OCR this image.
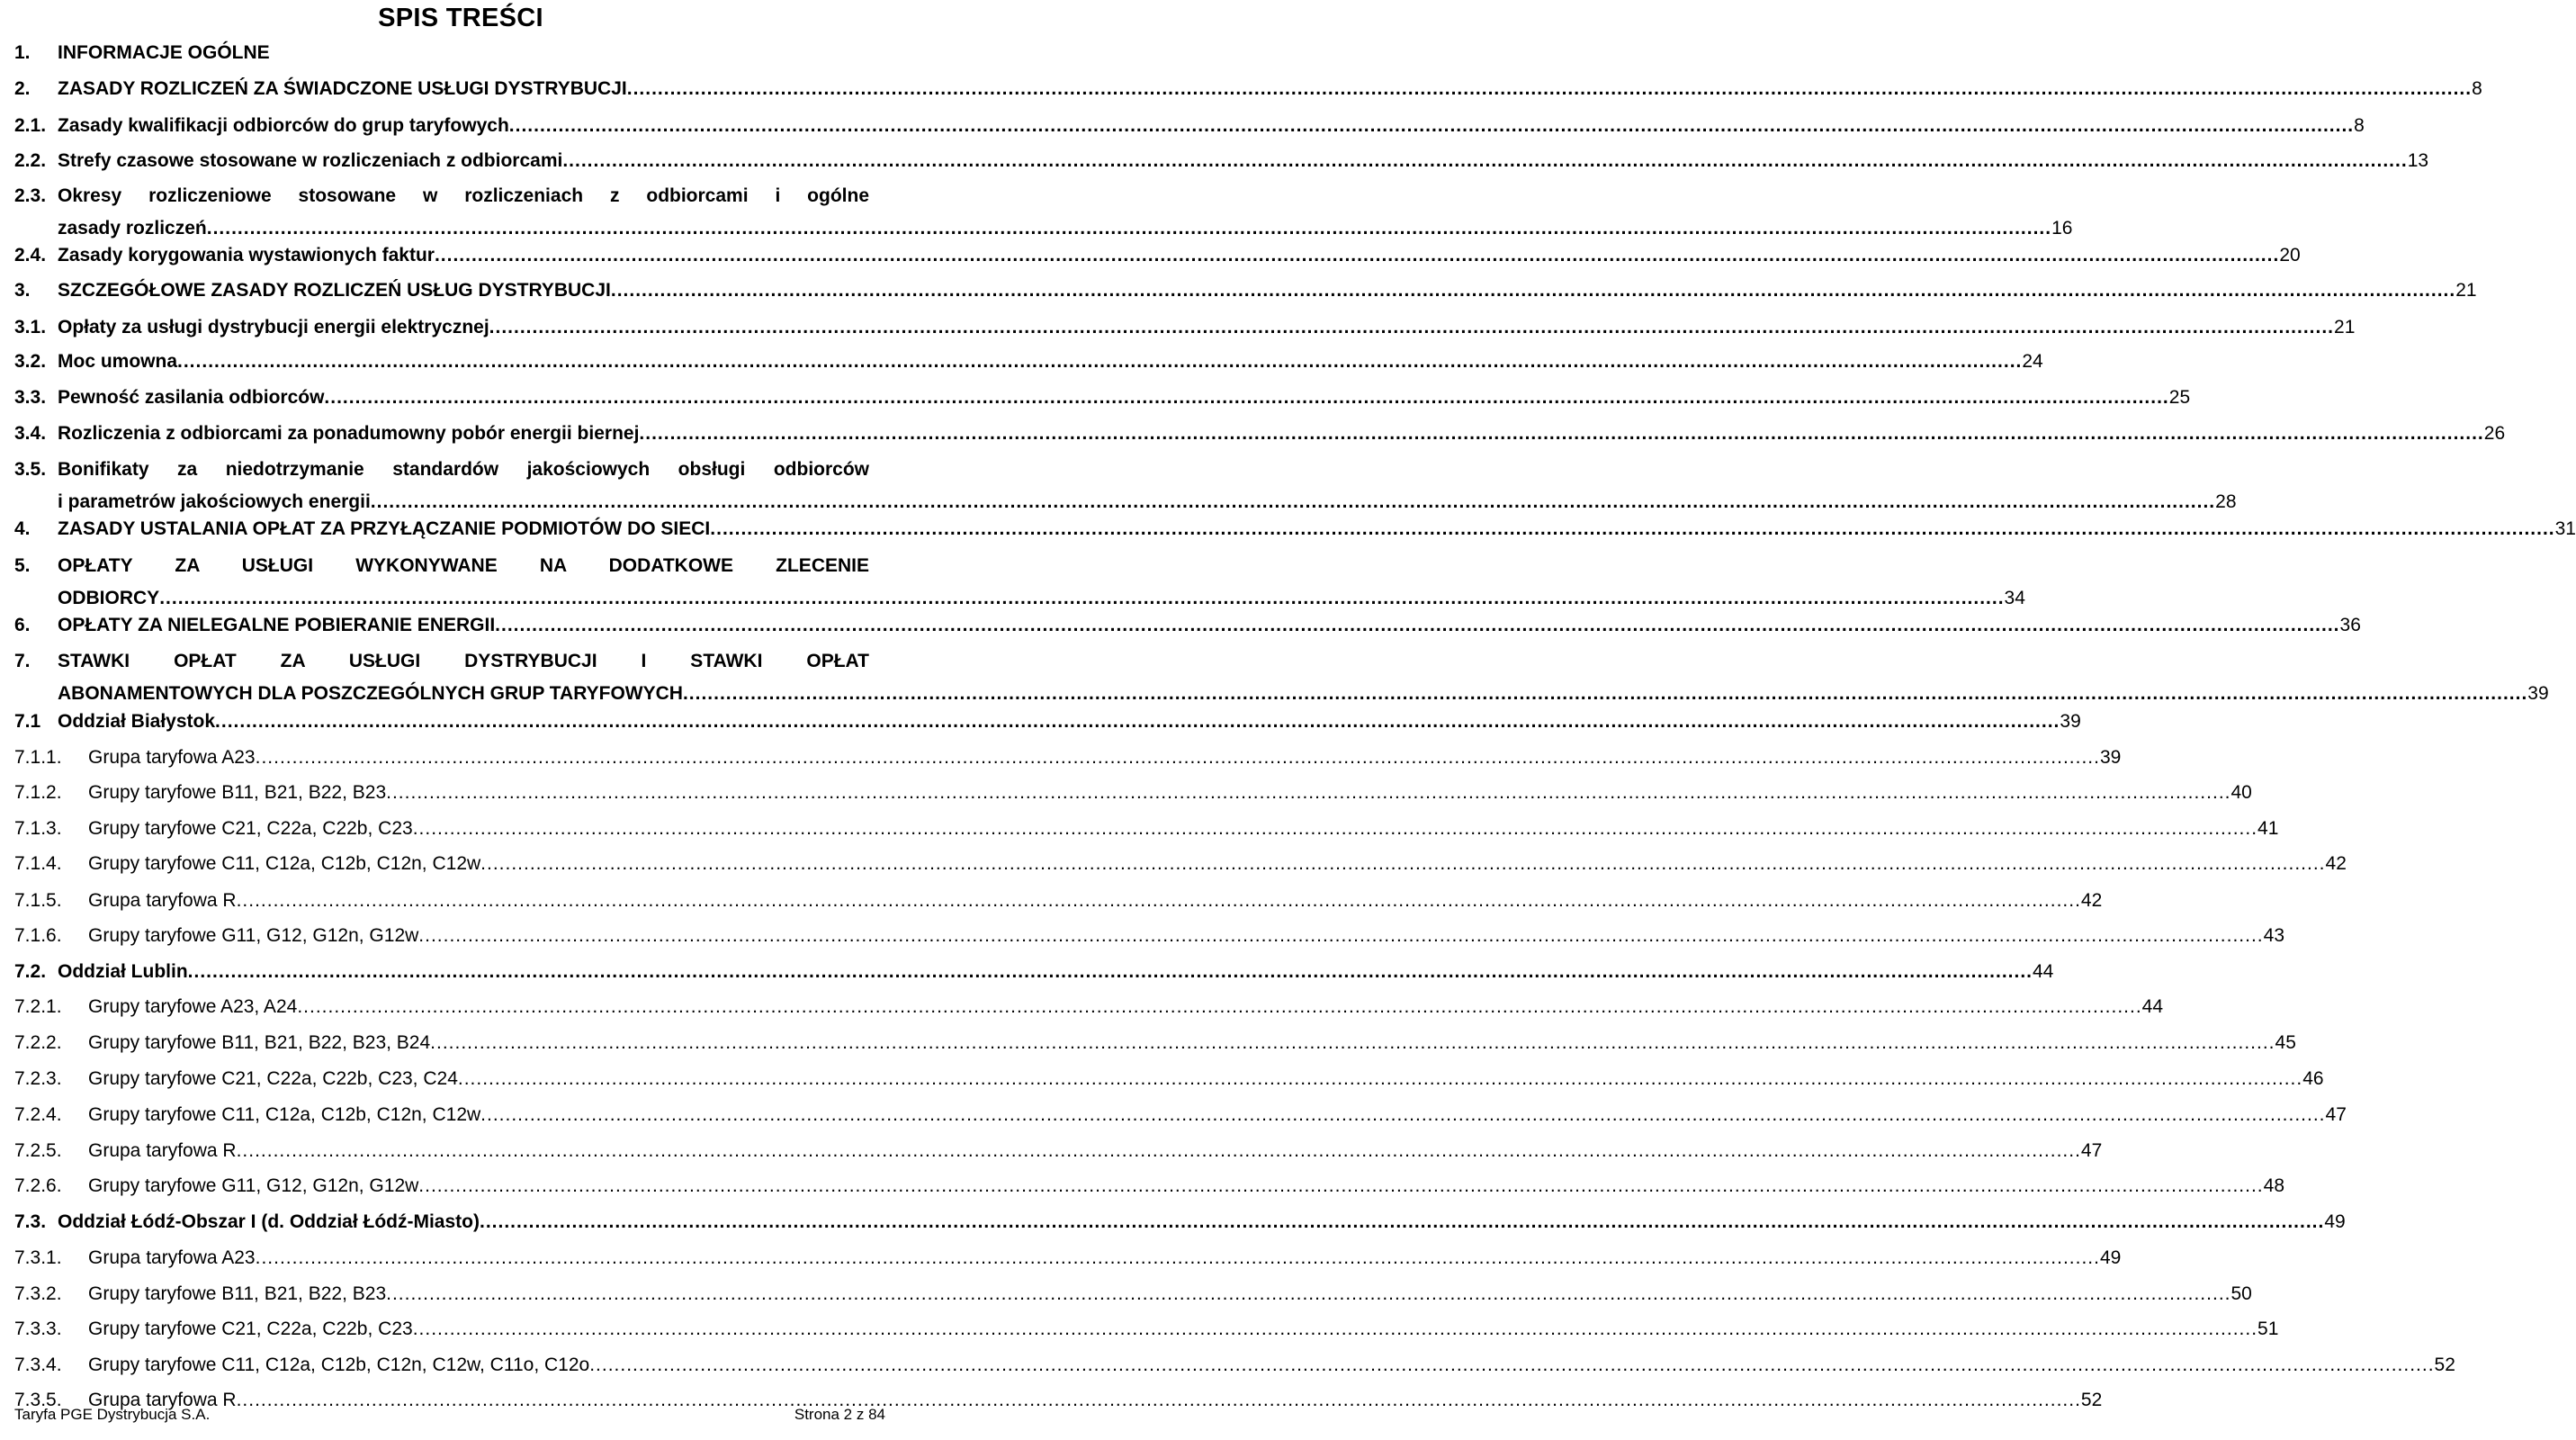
SPIS TREŚCI
1.	INFORMACJE OGÓLNE
2.	ZASADY ROZLICZEŃ ZA ŚWIADCZONE USŁUGI DYSTRYBUCJI .....	8
2.1. Zasady kwalifikacji odbiorców do grup taryfowych .....	8
2.2. Strefy czasowe stosowane w rozliczeniach z odbiorcami .....	13
2.3. Okresy rozliczeniowe stosowane w rozliczeniach z odbiorcami i ogólne
zasady rozliczeń .....	16
2.4. Zasady korygowania wystawionych faktur .....	20
3.	SZCZEGÓŁOWE ZASADY ROZLICZEŃ USŁUG DYSTRYBUCJI .....	21
3.1. Opłaty za usługi dystrybucji energii elektrycznej .....	21
3.2. Moc umowna .....	24
3.3. Pewność zasilania odbiorców .....	25
3.4. Rozliczenia z odbiorcami za ponadumowny pobór energii biernej .....	26
3.5. Bonifikaty za niedotrzymanie standardów jakościowych obsługi odbiorców
i parametrów jakościowych energii .....	28
4.	ZASADY USTALANIA OPŁAT ZA PRZYŁĄCZANIE PODMIOTÓW DO SIECI .....	31
5.	OPŁATY ZA USŁUGI WYKONYWANE NA DODATKOWE ZLECENIE
ODBIORCY .....	34
6.	OPŁATY ZA NIELEGALNE POBIERANIE ENERGII .....	36
7.	STAWKI OPŁAT ZA USŁUGI DYSTRYBUCJI I STAWKI OPŁAT
ABONAMENTOWYCH DLA POSZCZEGÓLNYCH GRUP TARYFOWYCH .....	39
7.1 Oddział Białystok .....	39
7.1.1.	Grupa taryfowa A23 .....	39
7.1.2.	Grupy taryfowe B11, B21, B22, B23 .....	40
7.1.3.	Grupy taryfowe C21, C22a, C22b, C23 .....	41
7.1.4.	Grupy taryfowe C11, C12a, C12b, C12n, C12w .....	42
7.1.5.	Grupa taryfowa R .....	42
7.1.6.	Grupy taryfowe G11, G12, G12n, G12w .....	43
7.2. Oddział Lublin .....	44
7.2.1.	Grupy taryfowe A23, A24 .....	44
7.2.2.	Grupy taryfowe B11, B21, B22, B23, B24 .....	45
7.2.3.	Grupy taryfowe C21, C22a, C22b, C23, C24 .....	46
7.2.4.	Grupy taryfowe C11, C12a, C12b, C12n, C12w .....	47
7.2.5.	Grupa taryfowa R .....	47
7.2.6.	Grupy taryfowe G11, G12, G12n, G12w .....	48
7.3. Oddział Łódź-Obszar I (d. Oddział Łódź-Miasto) .....	49
7.3.1.	Grupa taryfowa A23 .....	49
7.3.2.	Grupy taryfowe B11, B21, B22, B23 .....	50
7.3.3.	Grupy taryfowe C21, C22a, C22b, C23 .....	51
7.3.4.	Grupy taryfowe C11, C12a, C12b, C12n, C12w, C11o, C12o .....	52
7.3.5.	Grupa taryfowa R .....	52
Taryfa PGE Dystrybucja S.A.	Strona 2 z 84
